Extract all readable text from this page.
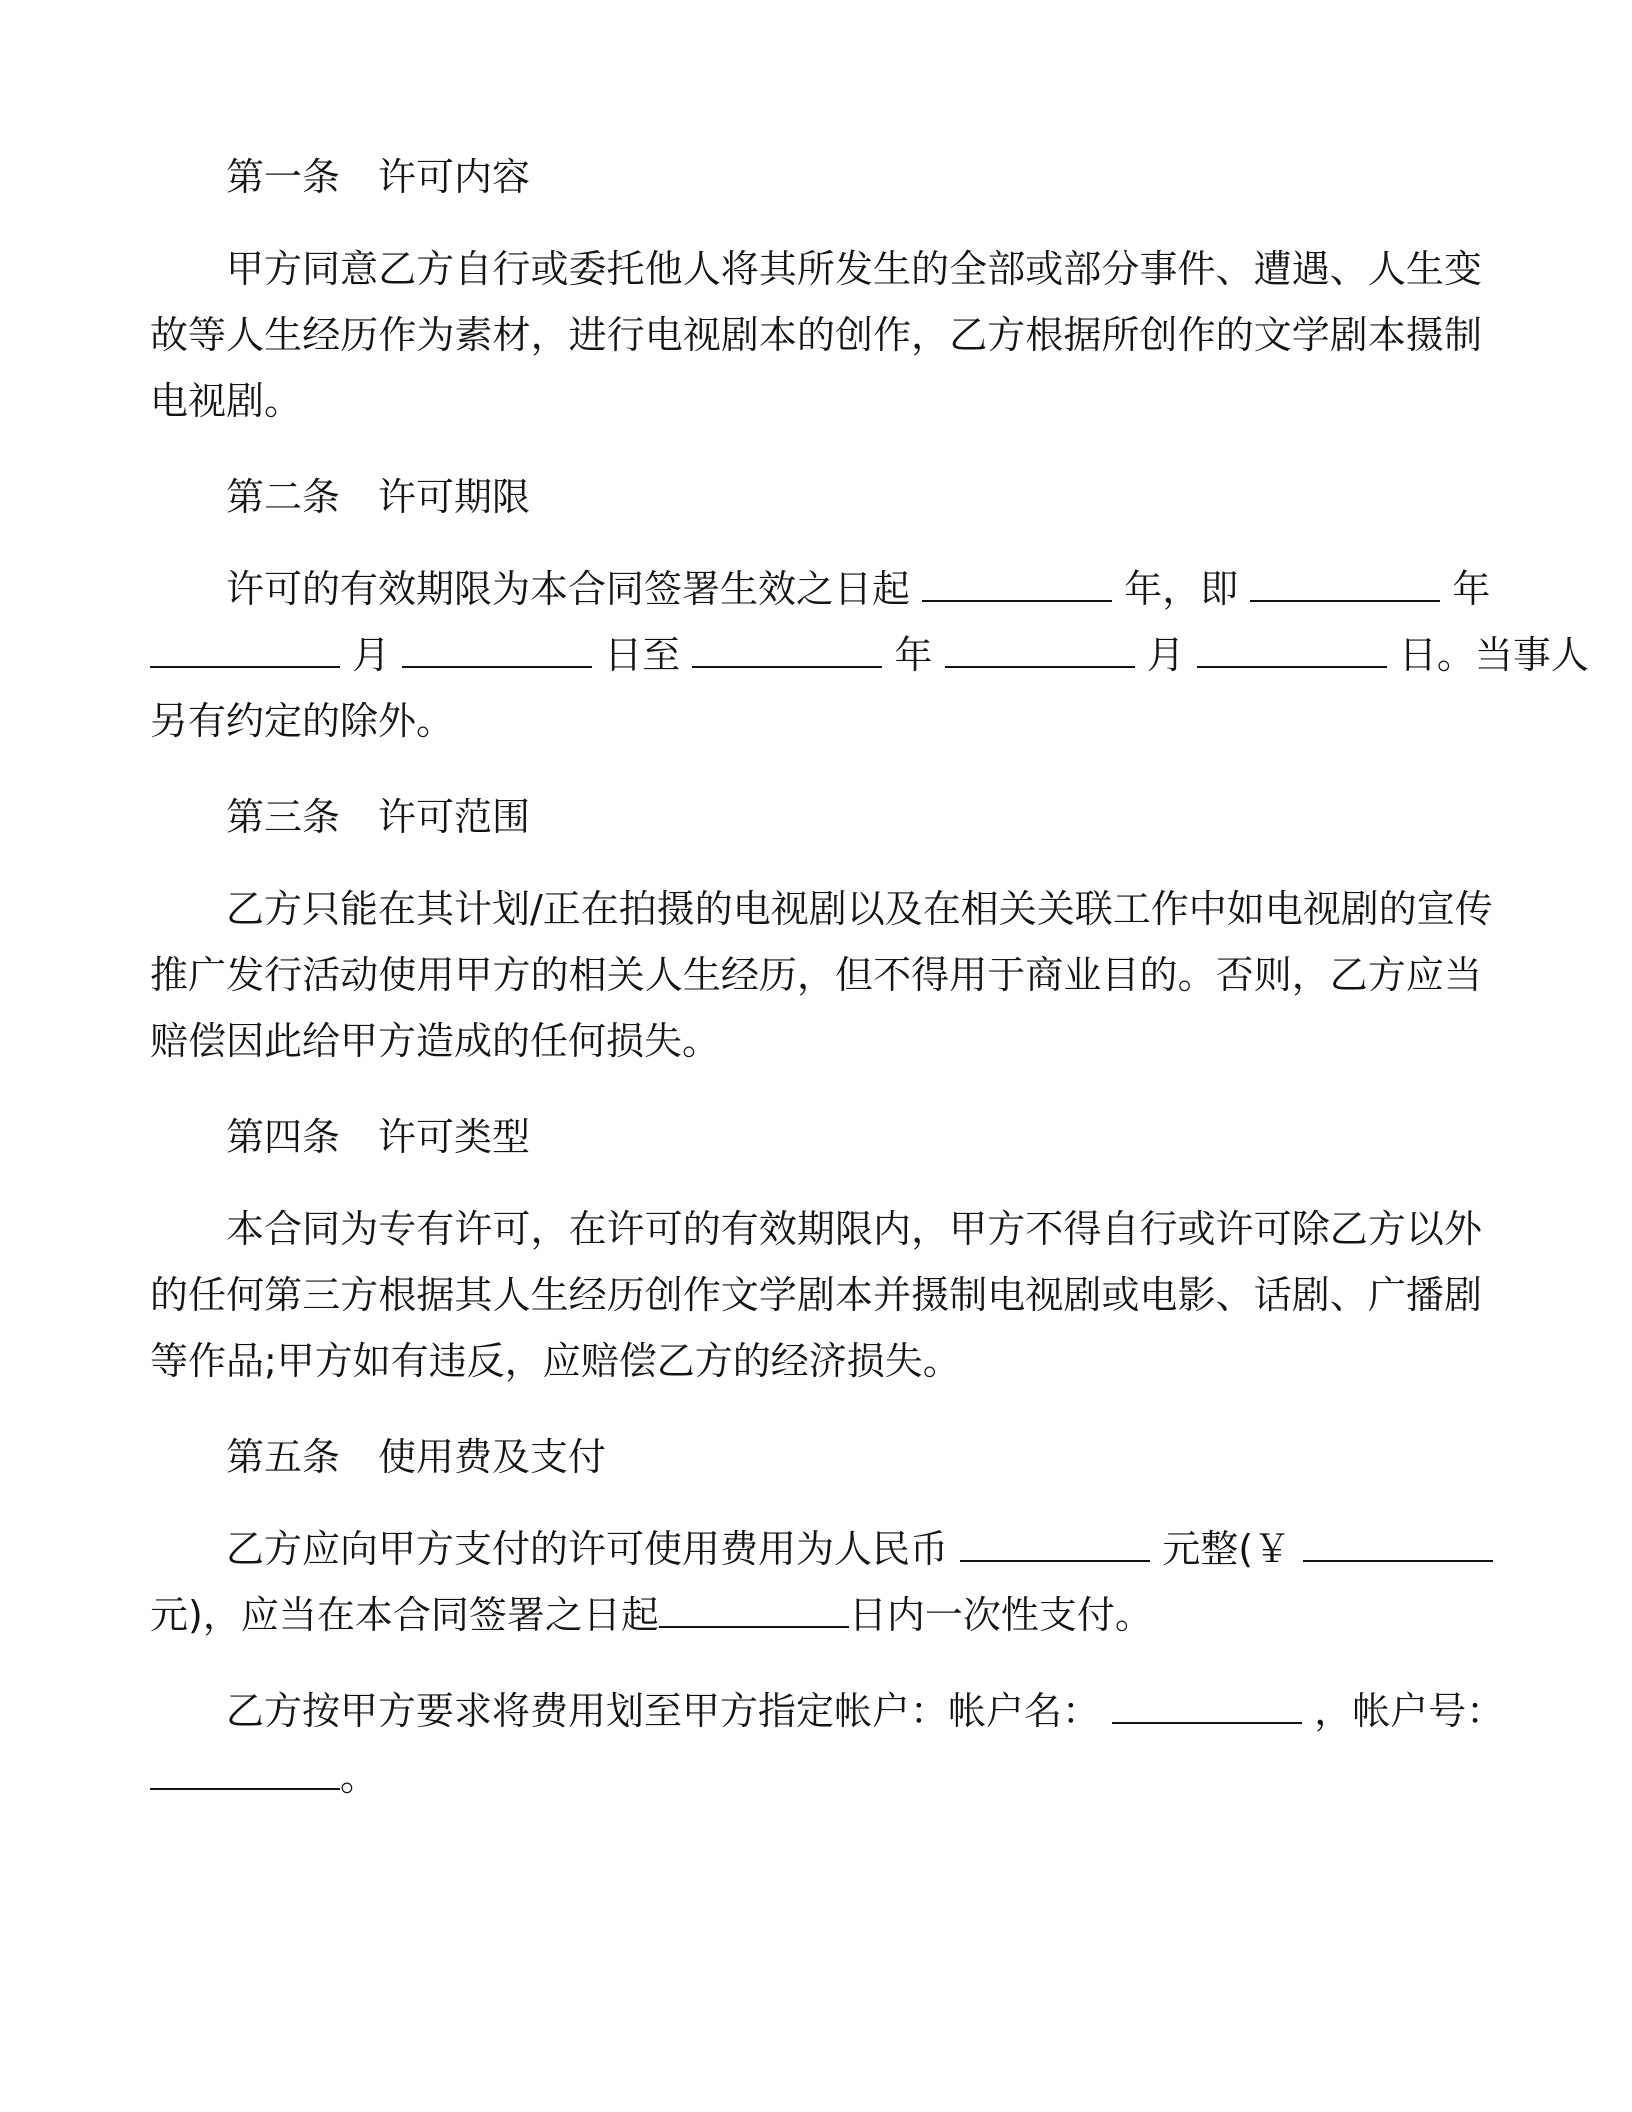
第一条 许可内容
甲方同意乙方自行或委托他人将其所发生的全部或部分事件、遭遇、人生变
故等人生经历作为素材，进行电视剧本的创作，乙方根据所创作的文学剧本摄制
电视剧。
第二条 许可期限
许可的有效期限为本合同签署生效之日起	年，即	年
月	日至	年	月	日。当事人
另有约定的除外。
第三条 许可范围
乙方只能在其计划/正在拍摄的电视剧以及在相关关联工作中如电视剧的宣传
推广发行活动使用甲方的相关人生经历，但不得用于商业目的。否则，乙方应当
赔偿因此给甲方造成的任何损失。
第四条 许可类型
本合同为专有许可，在许可的有效期限内，甲方不得自行或许可除乙方以外
的任何第三方根据其人生经历创作文学剧本并摄制电视剧或电影、话剧、广播剧
等作品;甲方如有违反，应赔偿乙方的经济损失。
第五条 使用费及支付
乙方应向甲方支付的许可使用费用为人民币	元整(￥
元)，应当在本合同签署之日起	日内一次性支付。
乙方按甲方要求将费用划至甲方指定帐户：帐户名：	，帐户号：
。
